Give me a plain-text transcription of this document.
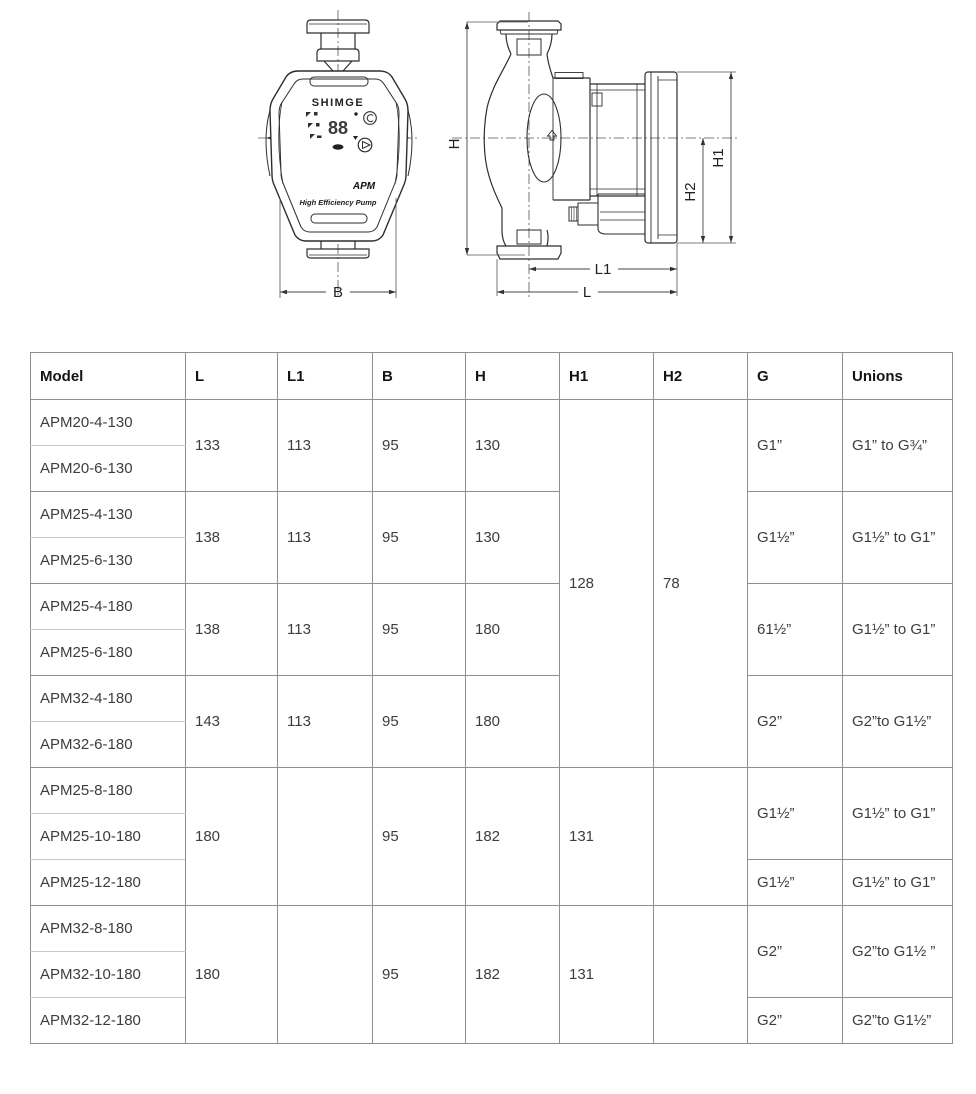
SHIMGE
88
APM
High Efficiency Pump
B
H
H1
H2
L1
L
Model	L	L1	B	H	H1	H2	G	Unions
APM20-4-130	133	113	95	130	128	78	G1”	G1” to G¾”
APM20-6-130								
APM25-4-130	138	113	95	130			G1½”	G1½” to G1”
APM25-6-130								
APM25-4-180	138	113	95	180			61½”	G1½” to G1”
APM25-6-180								
APM32-4-180	143	113	95	180			G2”	G2”to G1½”
APM32-6-180								
APM25-8-180	180		95	182	131		G1½”	G1½” to G1”
APM25-10-180								
APM25-12-180							G1½”	G1½” to G1”
APM32-8-180	180		95	182	131		G2”	G2”to G1½ ”
APM32-10-180								
APM32-12-180							G2”	G2”to G1½”
